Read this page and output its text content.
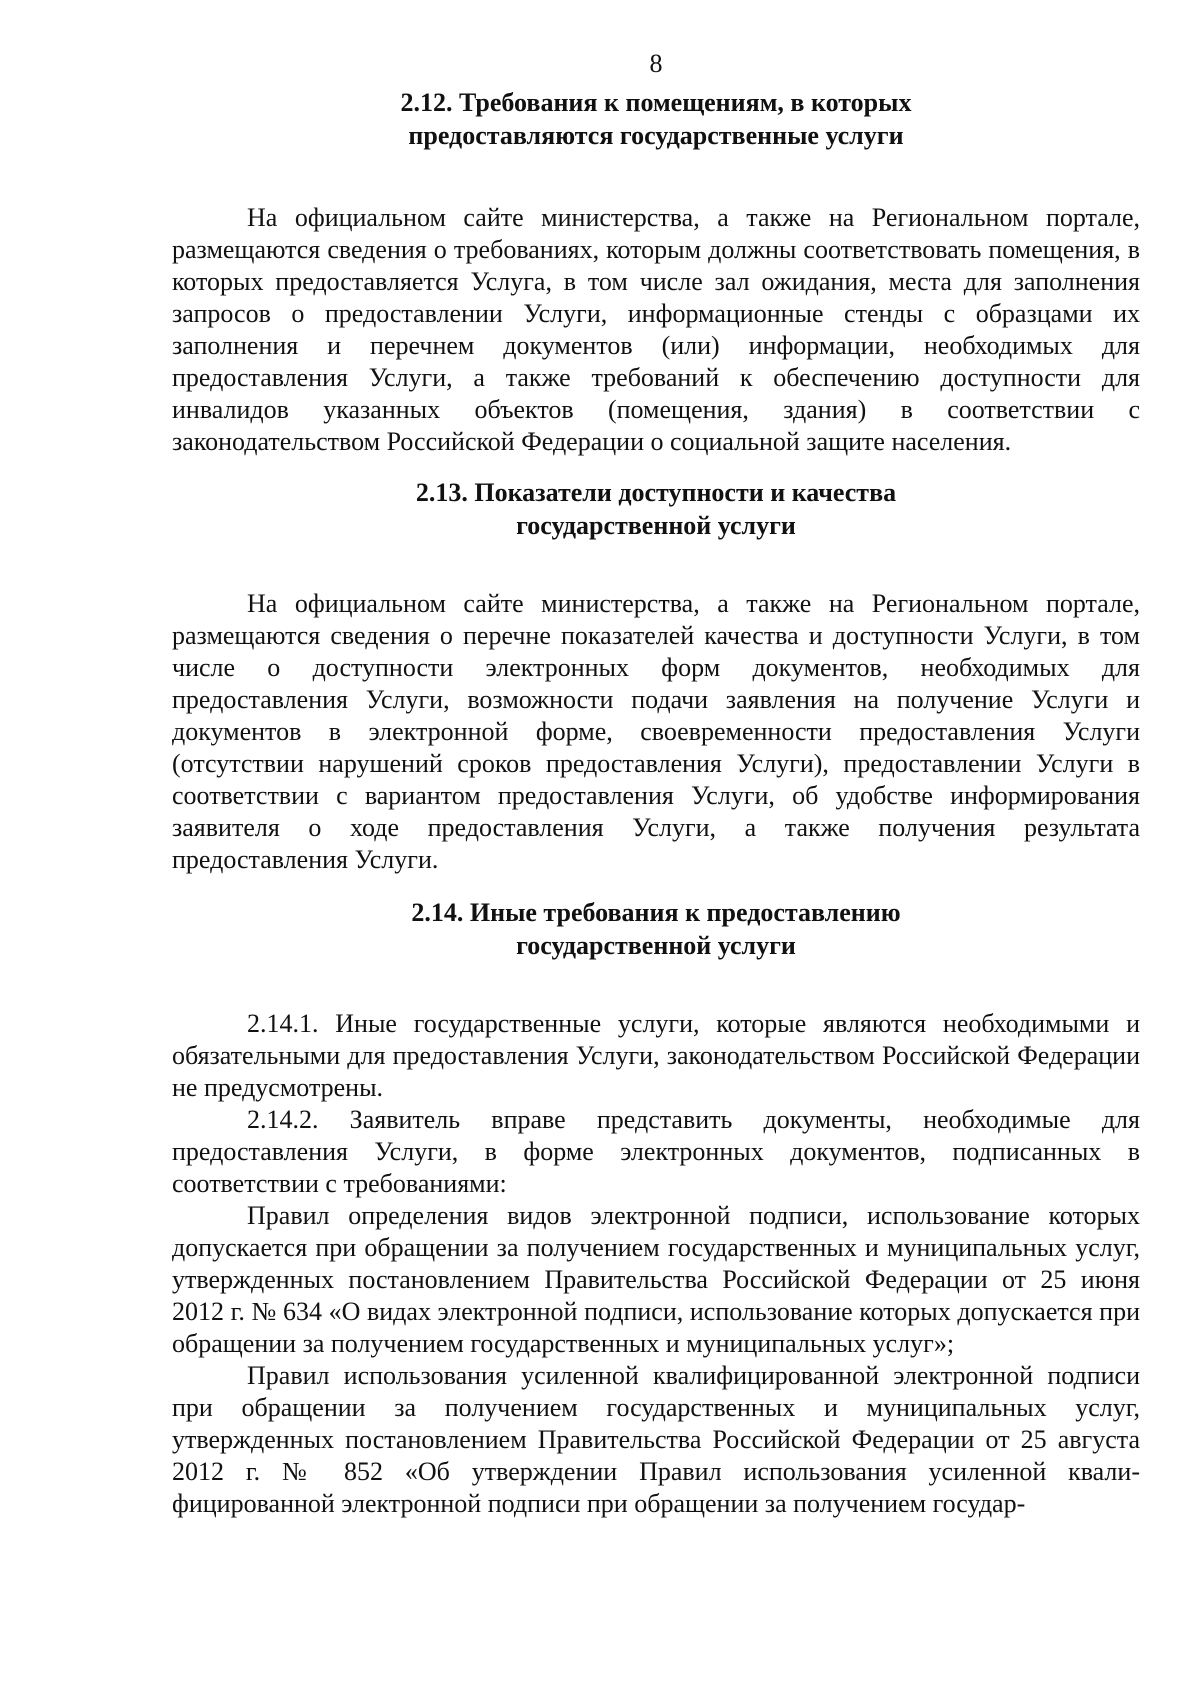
8
2.12. Требования к помещениям, в которых
предоставляются государственные услуги

На официальном сайте министерства, а также на Региональном портале, размещаются сведения о требованиях, которым должны соответствовать помещения, в которых предоставляется Услуга, в том числе зал ожидания, места для заполнения запросов о предоставлении Услуги, информационные стенды с образцами их заполнения и перечнем документов (или) информации, необходимых для предоставления Услуги, а также требований к обеспечению доступности для инвалидов указанных объектов (помещения, здания) в соответствии с законодательством Российской Федерации о социальной защите населения.

2.13. Показатели доступности и качества
государственной услуги

На официальном сайте министерства, а также на Региональном портале, размещаются сведения о перечне показателей качества и доступности Услуги, в том числе о доступности электронных форм документов, необходимых для предоставления Услуги, возможности подачи заявления на получение Услуги и документов в электронной форме, своевременности предоставления Услуги (отсутствии нарушений сроков предоставления Услуги), предоставлении Услуги в соответствии с вариантом предоставления Услуги, об удобстве информирования заявителя о ходе предоставления Услуги, а также получения результата предоставления Услуги.

2.14. Иные требования к предоставлению
государственной услуги

2.14.1. Иные государственные услуги, которые являются необходимыми и обязательными для предоставления Услуги, законодательством Российской Федерации не предусмотрены.

2.14.2. Заявитель вправе представить документы, необходимые для предоставления Услуги, в форме электронных документов, подписанных в соответствии с требованиями:

Правил определения видов электронной подписи, использование которых допускается при обращении за получением государственных и муниципальных услуг, утвержденных постановлением Правительства Российской Федерации от 25 июня 2012 г. № 634 «О видах электронной подписи, использование которых допускается при обращении за получением государственных и муниципальных услуг»;

Правил использования усиленной квалифицированной электронной подписи при обращении за получением государственных и муниципальных услуг, утвержденных постановлением Правительства Российской Федерации от 25 августа 2012 г. № 852 «Об утверждении Правил использования усиленной квалифицированной электронной подписи при обращении за получением государ-
